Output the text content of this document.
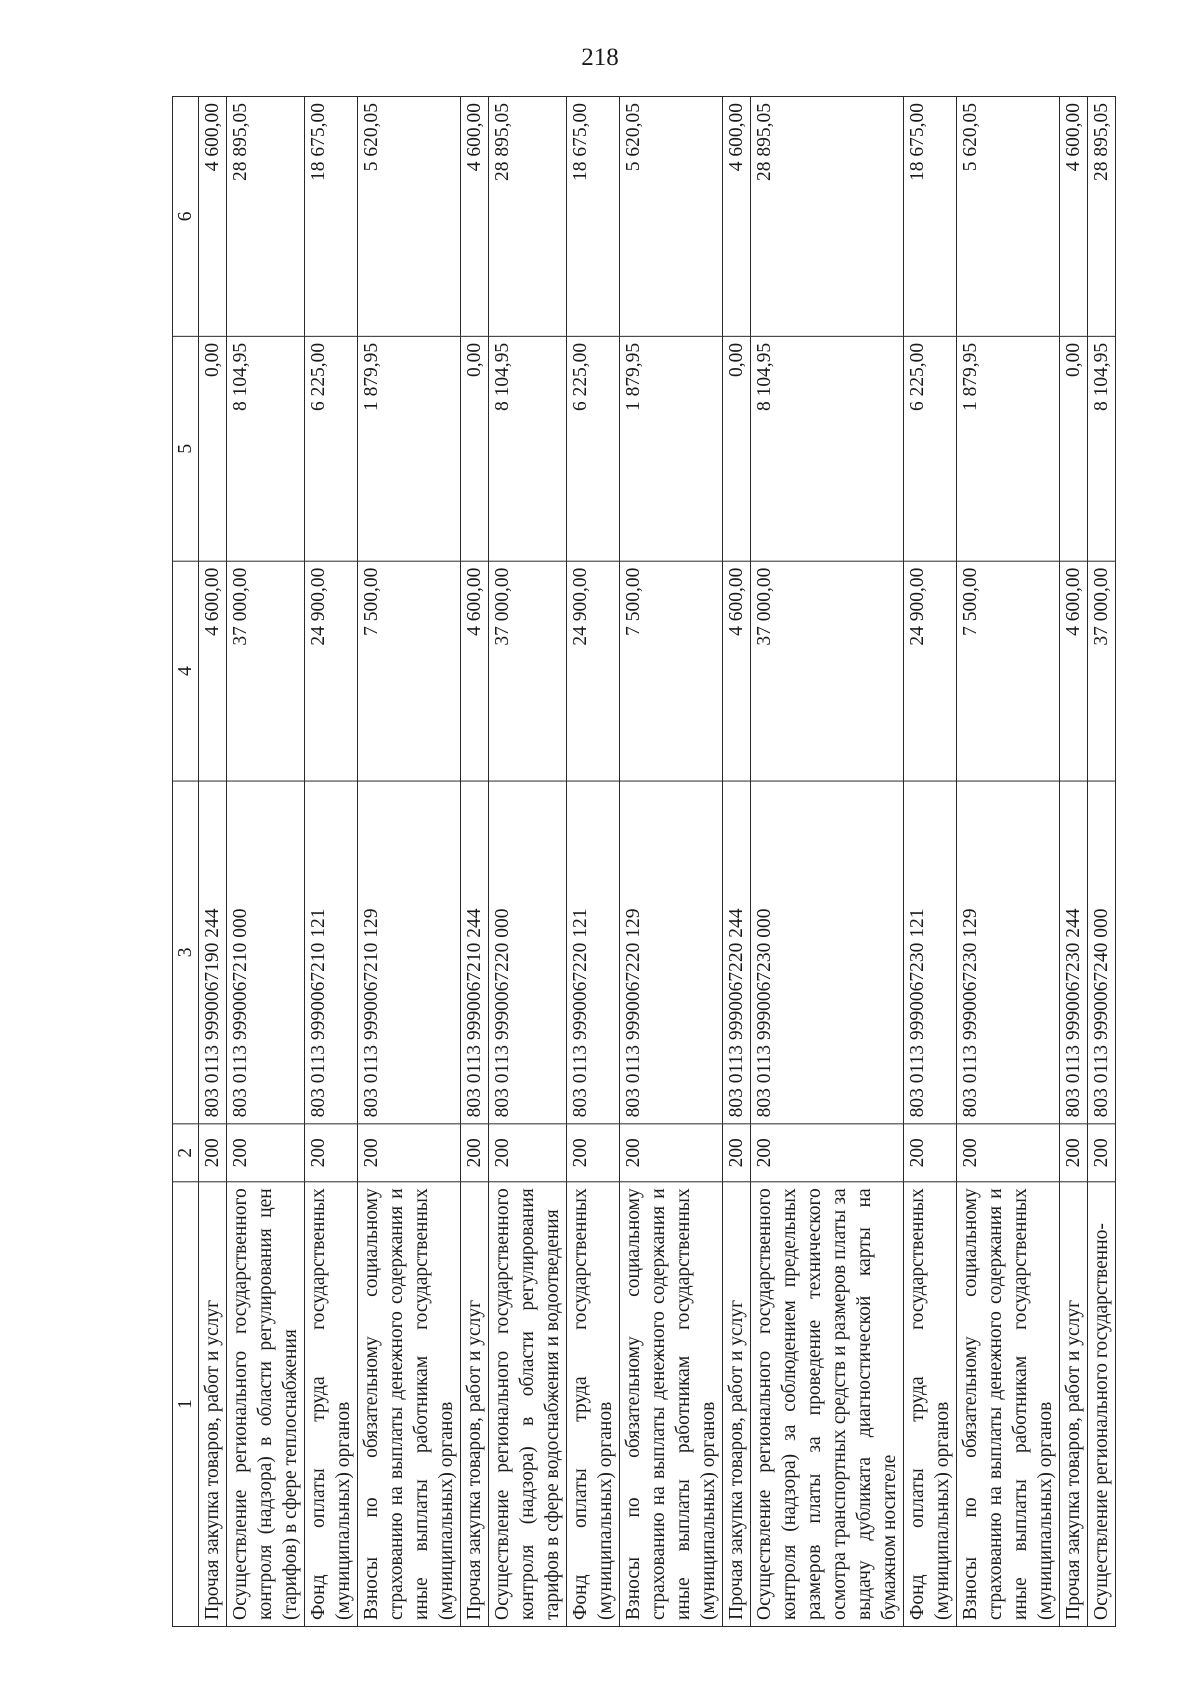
218
1	2	3	4	5	6
Прочая закупка товаров, работ и услуг	200	803 0113 9990067190 244	4 600,00	0,00	4 600,00
Осуществление регионального государственного контроля (надзора) в области регулирования цен (тарифов) в сфере теплоснабжения	200	803 0113 9990067210 000	37 000,00	8 104,95	28 895,05
Фонд оплаты труда государственных (муниципальных) органов	200	803 0113 9990067210 121	24 900,00	6 225,00	18 675,00
Взносы по обязательному социальному страхованию на выплаты денежного содержания и иные выплаты работникам государственных (муниципальных) органов	200	803 0113 9990067210 129	7 500,00	1 879,95	5 620,05
Прочая закупка товаров, работ и услуг	200	803 0113 9990067210 244	4 600,00	0,00	4 600,00
Осуществление регионального государственного контроля (надзора) в области регулирования тарифов в сфере водоснабжения и водоотведения	200	803 0113 9990067220 000	37 000,00	8 104,95	28 895,05
Фонд оплаты труда государственных (муниципальных) органов	200	803 0113 9990067220 121	24 900,00	6 225,00	18 675,00
Взносы по обязательному социальному страхованию на выплаты денежного содержания и иные выплаты работникам государственных (муниципальных) органов	200	803 0113 9990067220 129	7 500,00	1 879,95	5 620,05
Прочая закупка товаров, работ и услуг	200	803 0113 9990067220 244	4 600,00	0,00	4 600,00
Осуществление регионального государственного контроля (надзора) за соблюдением предельных размеров платы за проведение технического осмотра транспортных средств и размеров платы за выдачу дубликата диагностической карты на бумажном носителе	200	803 0113 9990067230 000	37 000,00	8 104,95	28 895,05
Фонд оплаты труда государственных (муниципальных) органов	200	803 0113 9990067230 121	24 900,00	6 225,00	18 675,00
Взносы по обязательному социальному страхованию на выплаты денежного содержания и иные выплаты работникам государственных (муниципальных) органов	200	803 0113 9990067230 129	7 500,00	1 879,95	5 620,05
Прочая закупка товаров, работ и услуг	200	803 0113 9990067230 244	4 600,00	0,00	4 600,00
Осуществление регионального государственно-	200	803 0113 9990067240 000	37 000,00	8 104,95	28 895,05
